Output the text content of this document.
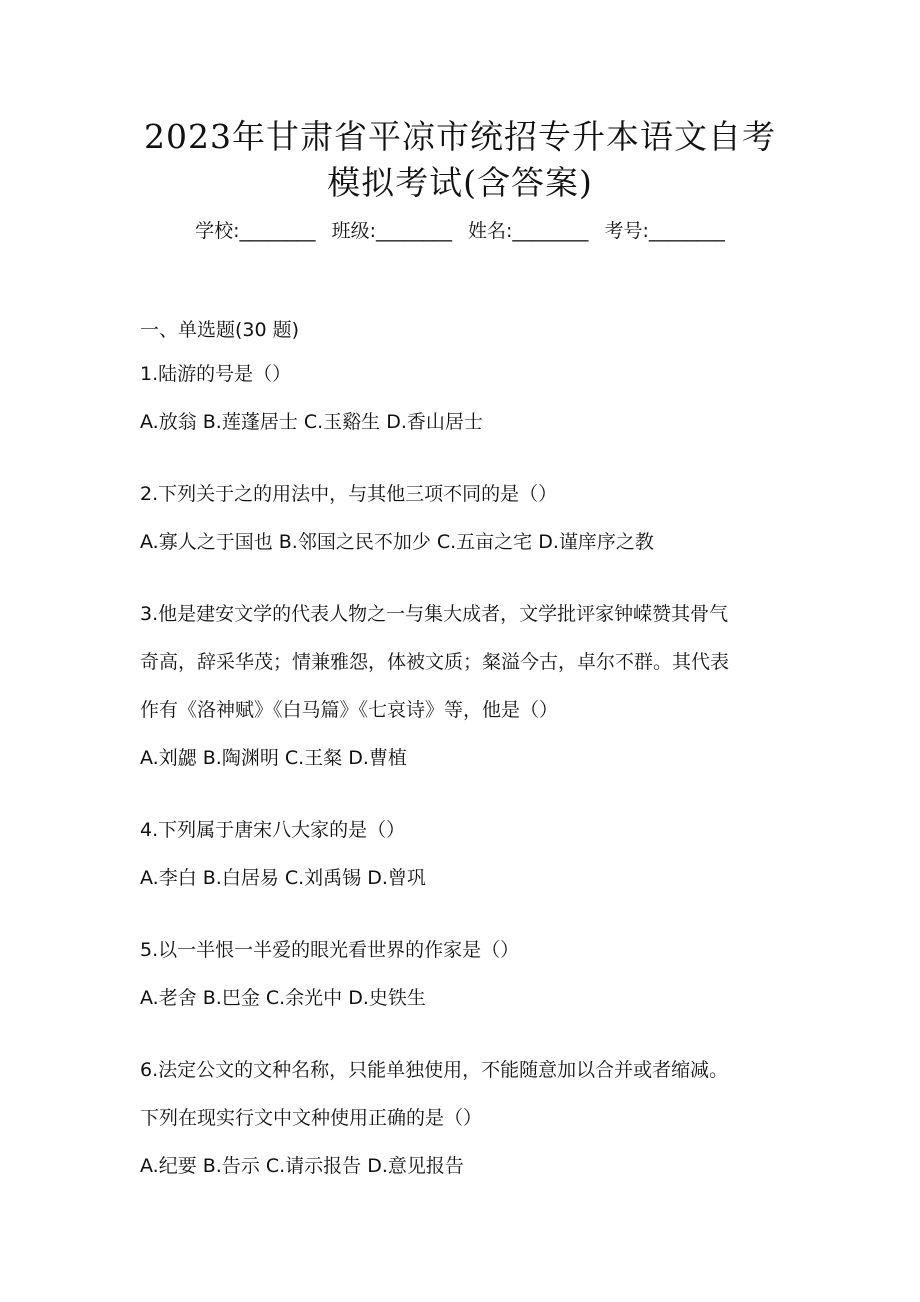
2023年甘肃省平凉市统招专升本语文自考
模拟考试(含答案)
学校:________ 班级:________ 姓名:________ 考号:________
一、单选题(30 题)
1.陆游的号是（）
A.放翁 B.莲蓬居士 C.玉谿生 D.香山居士
2.下列关于之的用法中，与其他三项不同的是（）
A.寡人之于国也 B.邻国之民不加少 C.五亩之宅 D.谨庠序之教
3.他是建安文学的代表人物之一与集大成者，文学批评家钟嵘赞其骨气
奇高，辞采华茂；情兼雅怨，体被文质；粲溢今古，卓尔不群。其代表
作有《洛神赋》《白马篇》《七哀诗》等，他是（）
A.刘勰 B.陶渊明 C.王粲 D.曹植
4.下列属于唐宋八大家的是（）
A.李白 B.白居易 C.刘禹锡 D.曾巩
5.以一半恨一半爱的眼光看世界的作家是（）
A.老舍 B.巴金 C.余光中 D.史铁生
6.法定公文的文种名称，只能单独使用，不能随意加以合并或者缩减。
下列在现实行文中文种使用正确的是（）
A.纪要 B.告示 C.请示报告 D.意见报告
